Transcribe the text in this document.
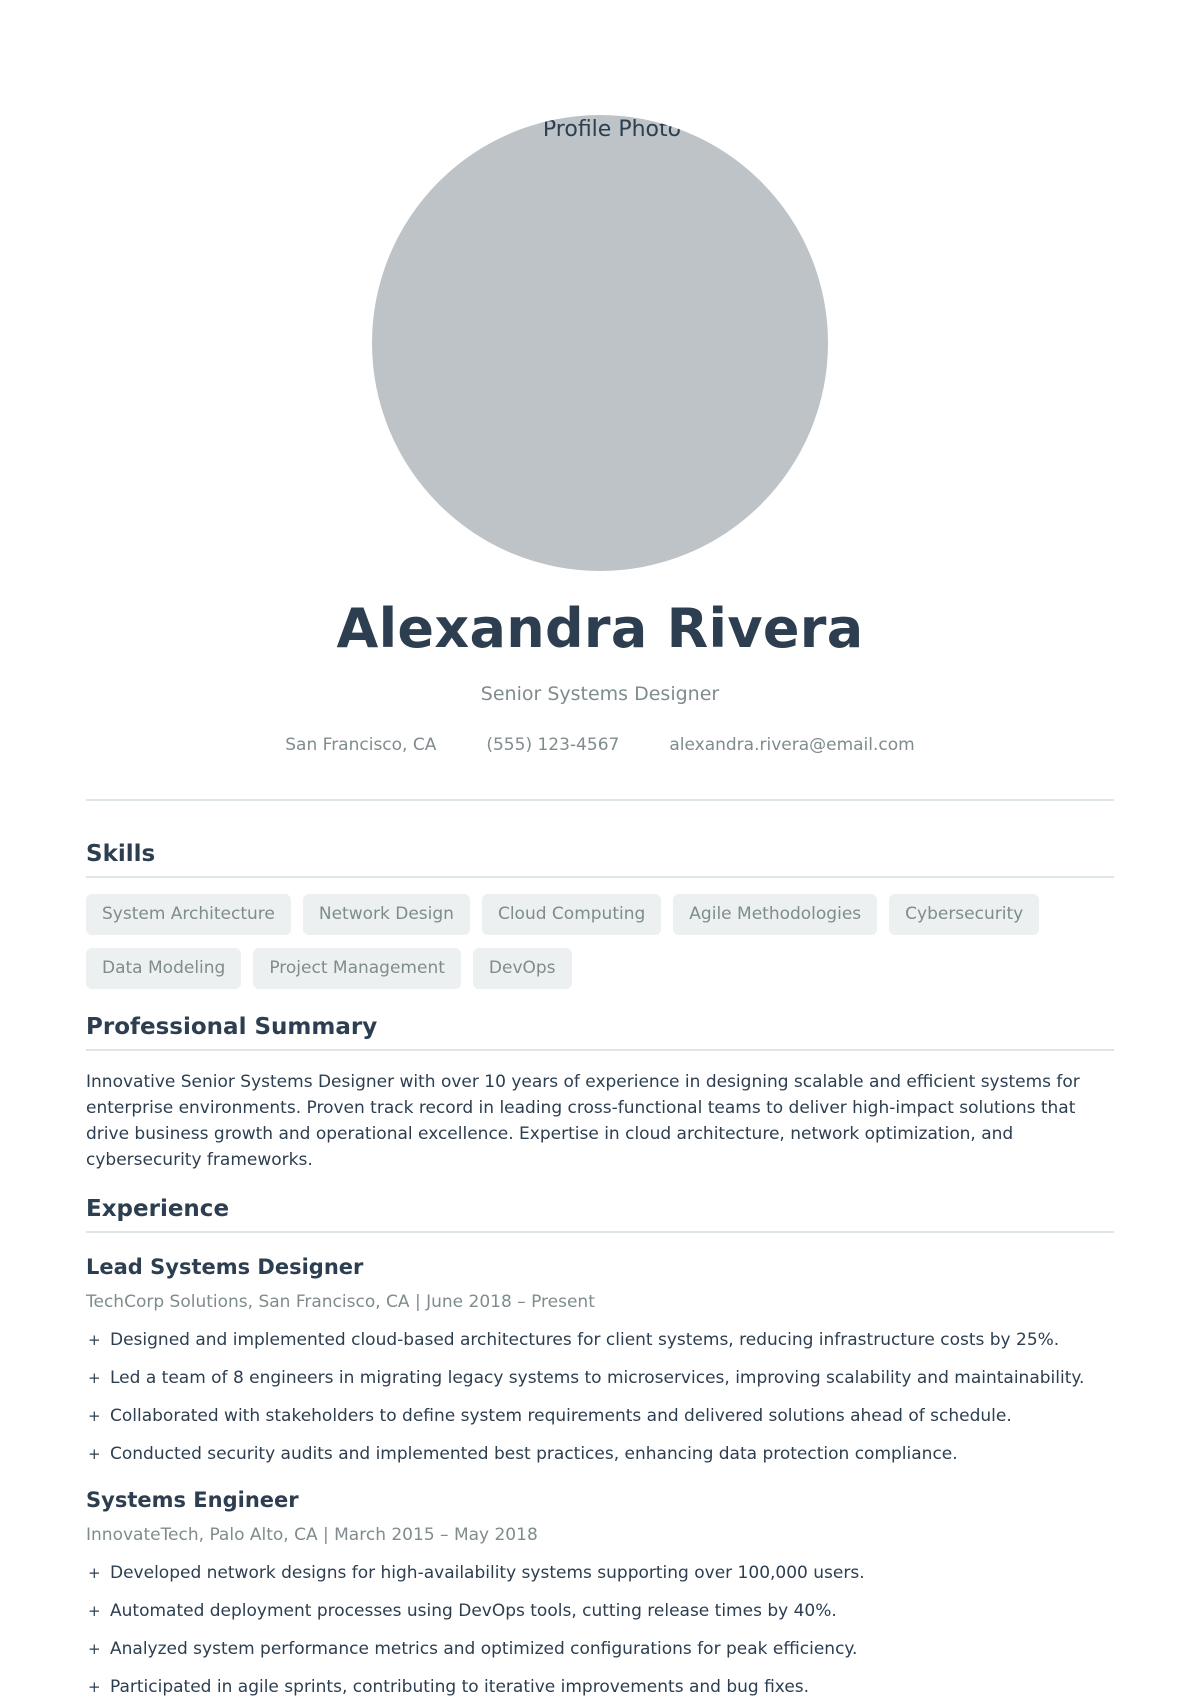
Profile Photo
Alexandra Rivera
Senior Systems Designer
San Francisco, CA	(555) 123-4567	alexandra.rivera@email.com
Skills
System Architecture	Network Design	Cloud Computing	Agile Methodologies	Cybersecurity
Data Modeling	Project Management	DevOps
Professional Summary

Innovative Senior Systems Designer with over 10 years of experience in designing scalable and efficient systems for enterprise environments. Proven track record in leading cross-functional teams to deliver high-impact solutions that drive business growth and operational excellence. Expertise in cloud architecture, network optimization, and cybersecurity frameworks.

Experience
Lead Systems Designer
TechCorp Solutions, San Francisco, CA | June 2018 – Present
+ Designed and implemented cloud-based architectures for client systems, reducing infrastructure costs by 25%.
+ Led a team of 8 engineers in migrating legacy systems to microservices, improving scalability and maintainability.
+ Collaborated with stakeholders to define system requirements and delivered solutions ahead of schedule.
+ Conducted security audits and implemented best practices, enhancing data protection compliance.
Systems Engineer
InnovateTech, Palo Alto, CA | March 2015 – May 2018
+ Developed network designs for high-availability systems supporting over 100,000 users.
+ Automated deployment processes using DevOps tools, cutting release times by 40%.
+ Analyzed system performance metrics and optimized configurations for peak efficiency.
+ Participated in agile sprints, contributing to iterative improvements and bug fixes.
